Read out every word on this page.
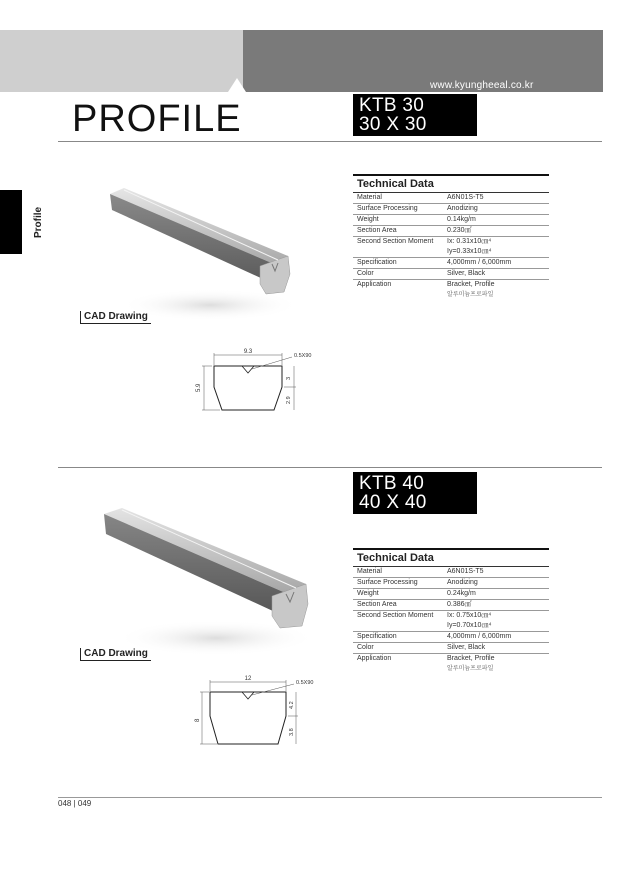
www.kyungheeal.co.kr
PROFILE
Profile
KTB 30
30 X 30
Technical Data
Material	A6N01S-T5
Surface Processing	Anodizing
Weight	0.14kg/m
Section Area	0.230㎠
Second Section Moment	Ix: 0.31x10㎝⁴
Iy=0.33x10㎝⁴
Specification	4,000mm / 6,000mm
Color	Silver, Black
Application	Bracket, Profile
알루미늄프로파일
CAD Drawing
9.3
0.5X90
5.9
3
2.9
KTB 40
40 X 40
Technical Data
Material	A6N01S-T5
Surface Processing	Anodizing
Weight	0.24kg/m
Section Area	0.386㎠
Second Section Moment	Ix: 0.75x10㎝⁴
Iy=0.70x10㎝⁴
Specification	4,000mm / 6,000mm
Color	Silver, Black
Application	Bracket, Profile
알루미늄프로파일
CAD Drawing
12
0.5X90
8
4.2
3.8
048 | 049
